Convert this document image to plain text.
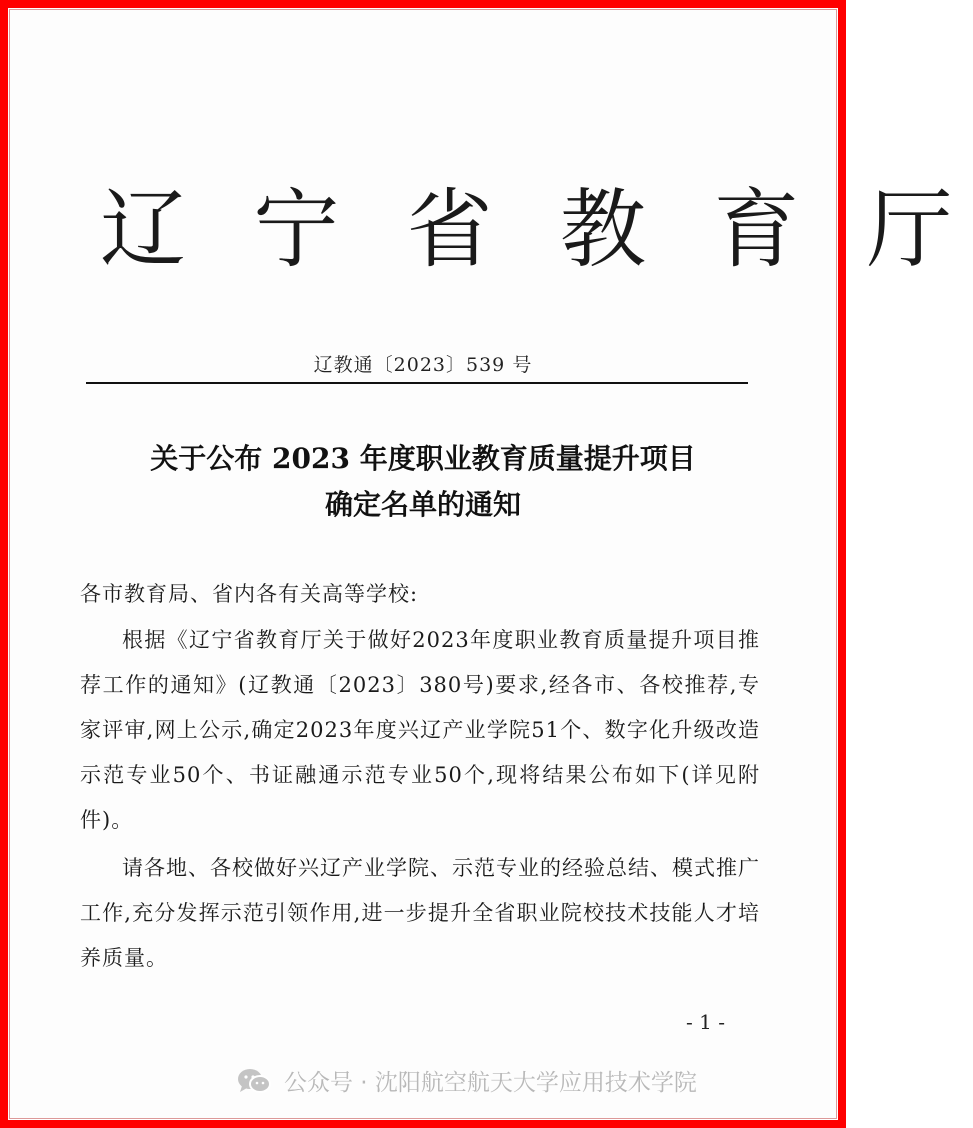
辽 宁 省 教 育 厅
辽教通〔2023〕539 号
关于公布 2023 年度职业教育质量提升项目
确定名单的通知
各市教育局、省内各有关高等学校:
根据《辽宁省教育厅关于做好2023年度职业教育质量提升项目推荐工作的通知》(辽教通〔2023〕380号)要求,经各市、各校推荐,专家评审,网上公示,确定2023年度兴辽产业学院51个、数字化升级改造示范专业50个、书证融通示范专业50个,现将结果公布如下(详见附件)。
请各地、各校做好兴辽产业学院、示范专业的经验总结、模式推广工作,充分发挥示范引领作用,进一步提升全省职业院校技术技能人才培养质量。
- 1 -
公众号 · 沈阳航空航天大学应用技术学院
